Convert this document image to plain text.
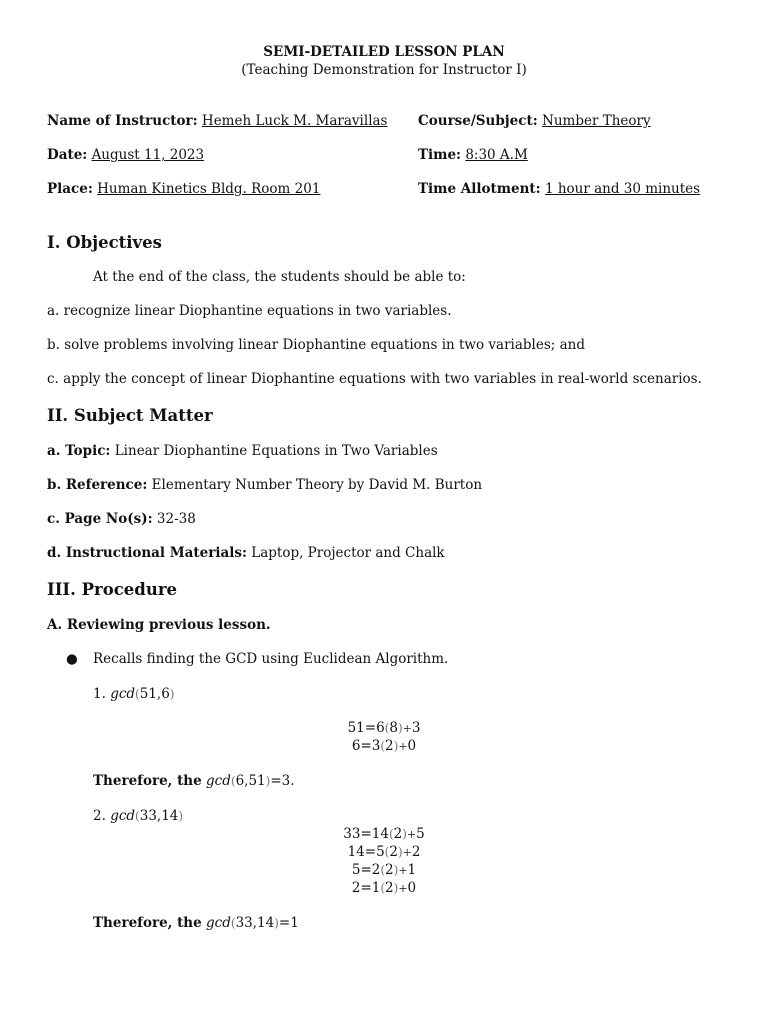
SEMI-DETAILED LESSON PLAN
(Teaching Demonstration for Instructor I)
Name of Instructor: Hemeh Luck M. Maravillas Course/Subject: Number Theory
Date: August 11, 2023	Time: 8:30 A.M
Place: Human Kinetics Bldg. Room 201	Time Allotment: 1 hour and 30 minutes
I. Objectives
At the end of the class, the students should be able to:
a. recognize linear Diophantine equations in two variables.
b. solve problems involving linear Diophantine equations in two variables; and
c. apply the concept of linear Diophantine equations with two variables in real-world scenarios.
II. Subject Matter
a. Topic: Linear Diophantine Equations in Two Variables
b. Reference: Elementary Number Theory by David M. Burton
c. Page No(s): 32-38
d. Instructional Materials: Laptop, Projector and Chalk
III. Procedure
A. Reviewing previous lesson.
● Recalls finding the GCD using Euclidean Algorithm.
1. gcd(51,6)
51=6(8)+3
6=3(2)+0
Therefore, the gcd(6,51)=3.
2. gcd(33,14)
33=14(2)+5
14=5(2)+2
5=2(2)+1
2=1(2)+0
Therefore, the gcd(33,14)=1
